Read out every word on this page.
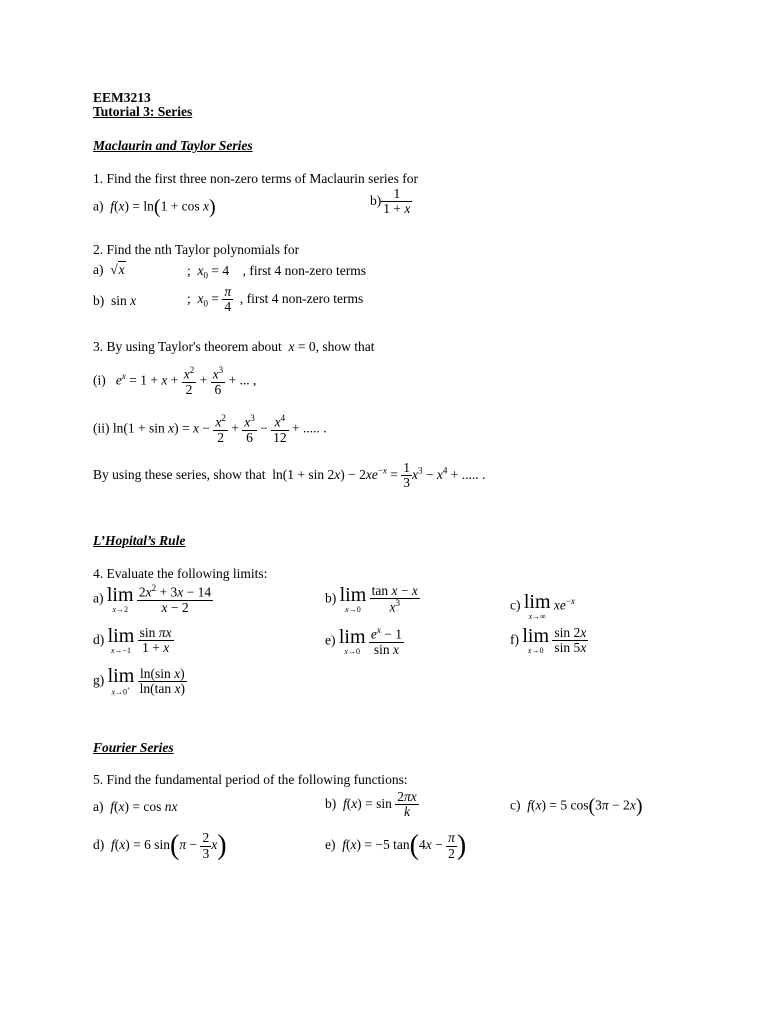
EEM3213
Tutorial 3: Series
Maclaurin and Taylor Series
1. Find the first three non-zero terms of Maclaurin series for
a) f(x) = ln(1 + cos x)	$b) \frac{1}{1 + x}$
2. Find the nth Taylor polynomials for
a) √x	;  $x_0 = 4$    , first 4 non-zero terms
b)  sin x	;  $x_0 = \frac{\pi}{4}$ , first 4 non-zero terms
3. By using Taylor's theorem about x = 0, show that
(i) $e^x = 1 + x + \frac{x^2}{2} + \frac{x^3}{6}$ + ... ,
(ii) $\ln(1 + \sin x) = x - \frac{x^2}{2} + \frac{x^3}{6} - \frac{x^4}{12}$ + ..... .
By using these series, show that  $\ln(1 + \sin 2x) - 2xe^{-x} = \frac{1}{3} x^3 - x^4$ + ..... .
L’Hopital’s Rule
4. Evaluate the following limits:
a) lim
x→2
$\frac{2x^2 + 3x - 14}{x - 2}$	b) lim
x→0
$\frac{\text{tan x − x}}{x^3}$	c) lim
x→∞
$xe^{-x}$
d) lim
x→−1
$\frac{\text{sin πx}}{1 + x}$	e) lim
x→0
$\frac{e^x - 1}{\text{sin x}}$	f) lim
x→0
$\frac{\sin 2x}{\sin 5x}$
g) lim
x→0+
$\frac{\text{ln(sin x)}}{\text{ln(tan x)}}$
Fourier Series
5. Find the fundamental period of the following functions:
a) f(x) = cos nx	b) $f(x) = \sin \frac{2\pi x}{k}$	c) f(x) = 5 cos(3π − 2x)
d) f(x) = 6 $\sin(\pi - \frac{2}{3} x)$	e) f(x) = −5 $\tan(4x - \frac{\pi}{2}$ )
